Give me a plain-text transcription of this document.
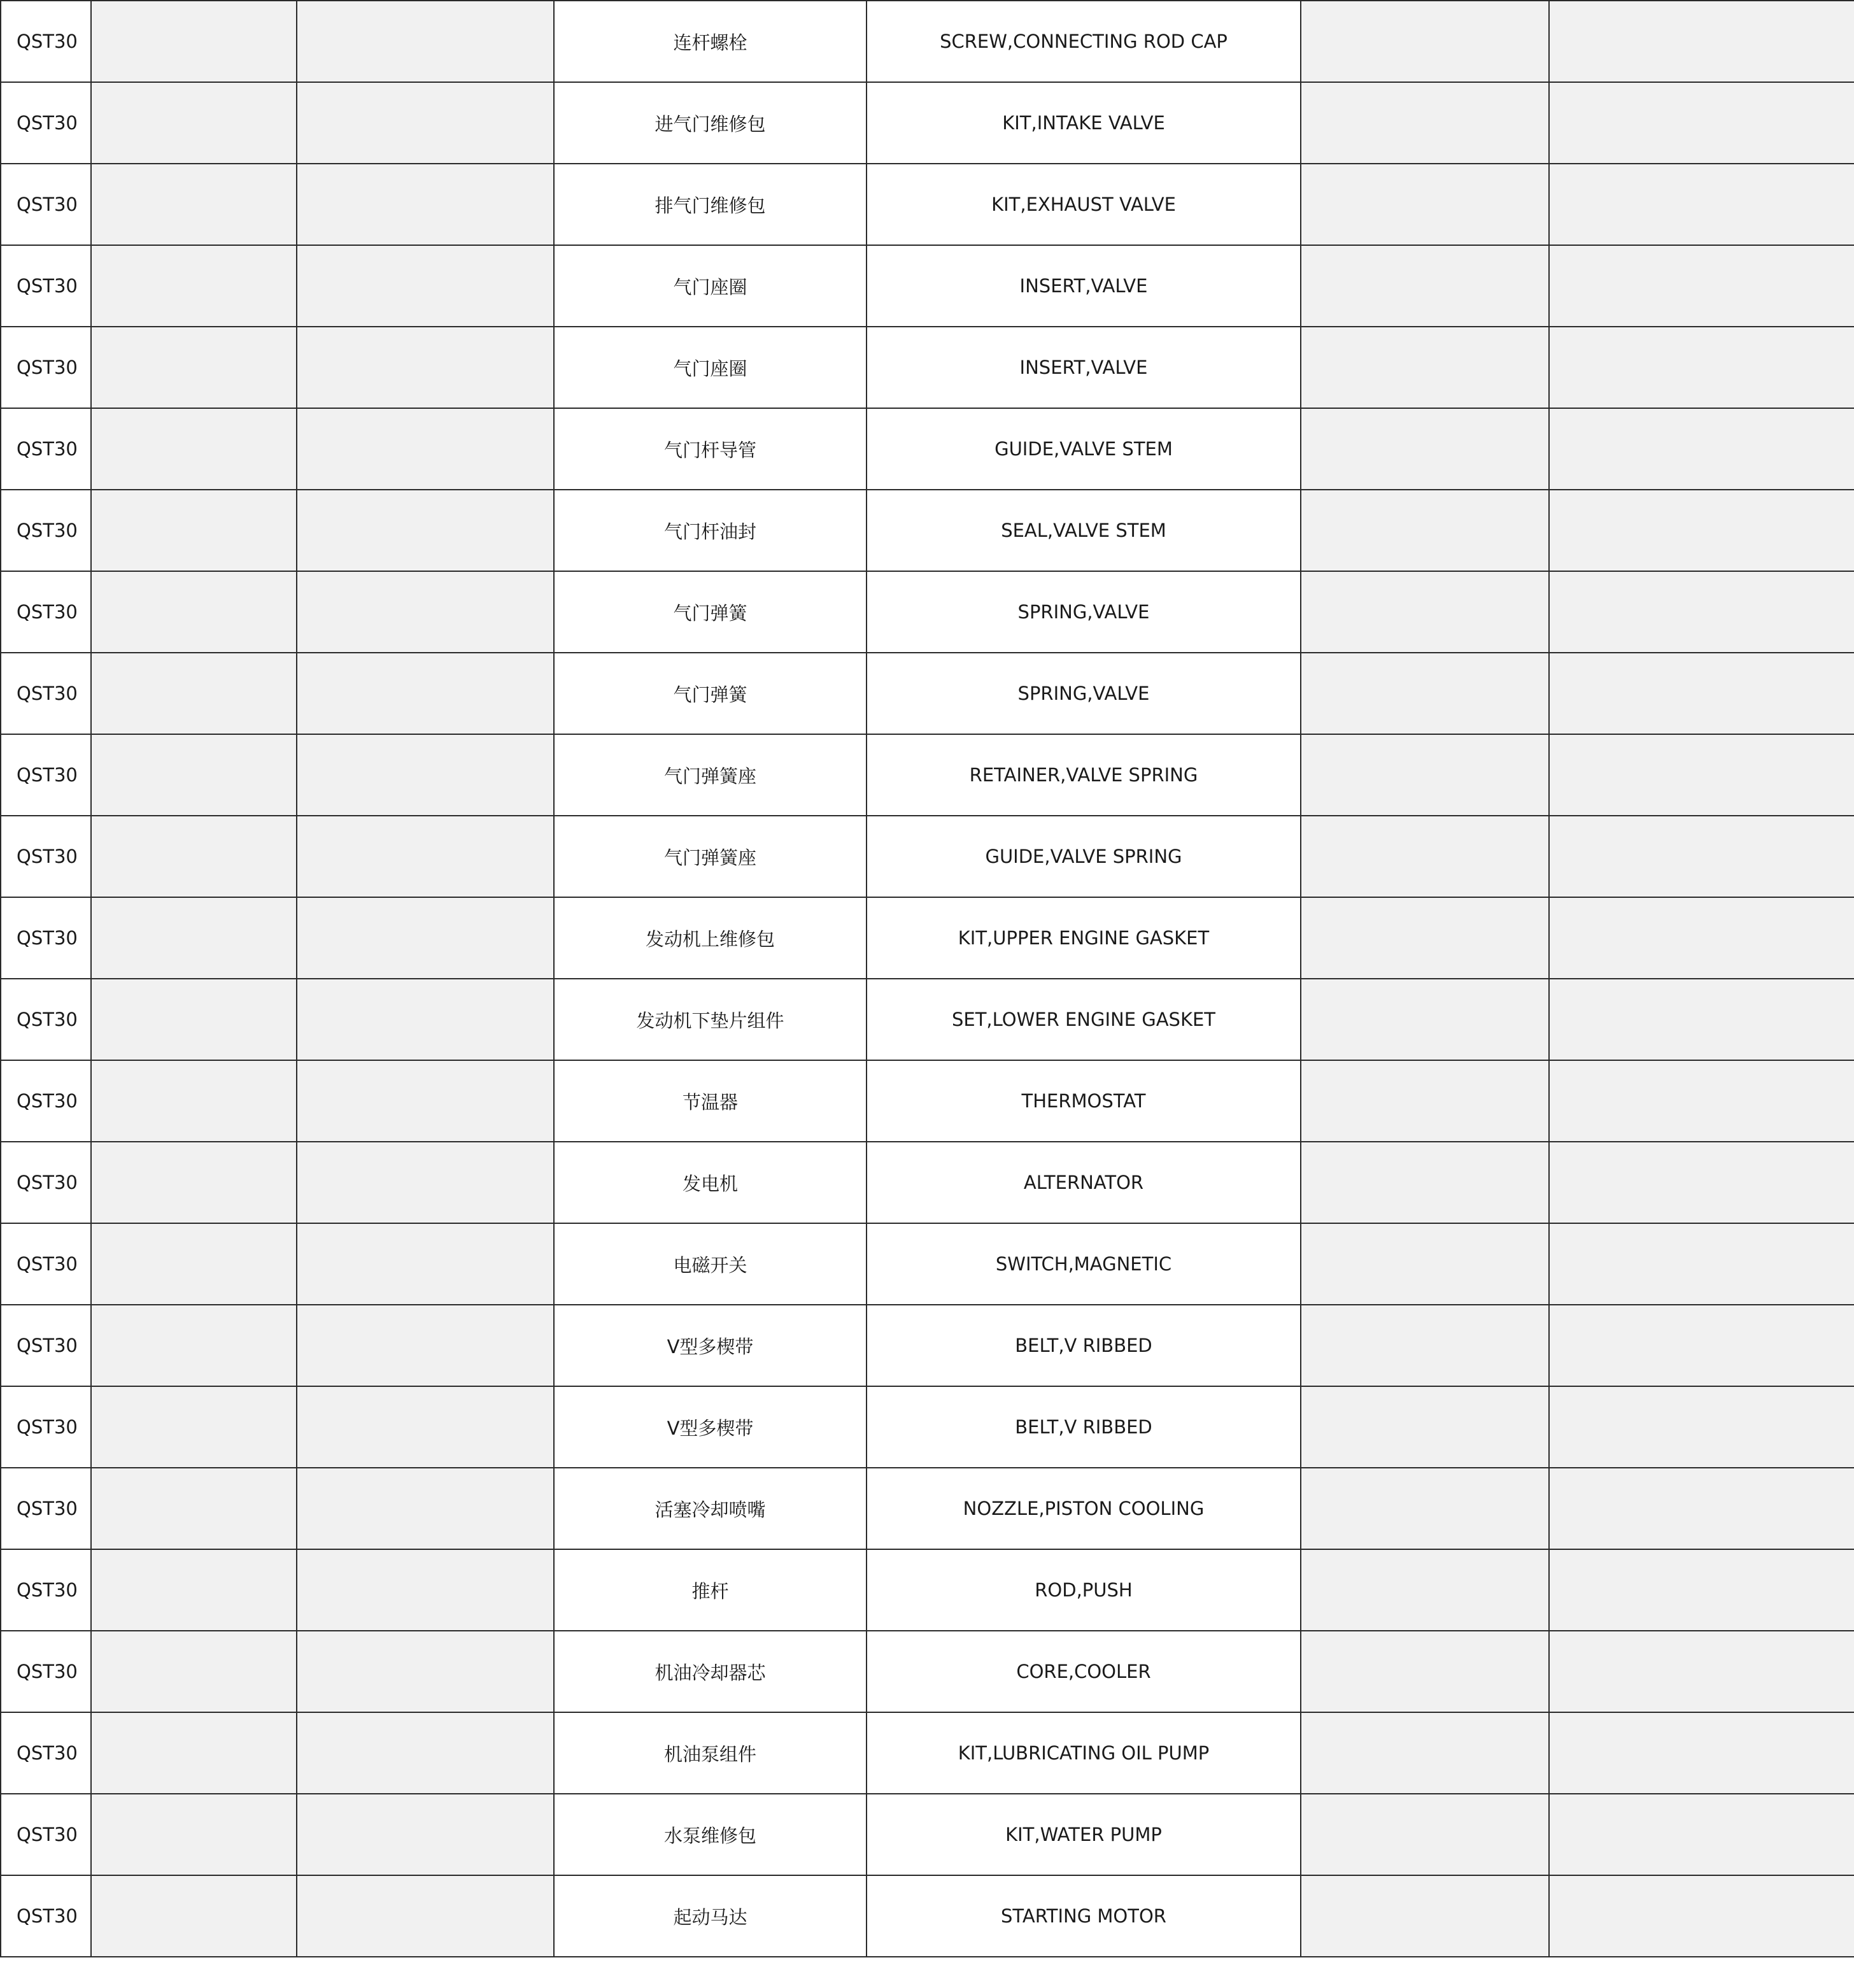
QST30			连杆螺栓	SCREW,CONNECTING ROD CAP		
QST30			进气门维修包	KIT,INTAKE VALVE		
QST30			排气门维修包	KIT,EXHAUST VALVE		
QST30			气门座圈	INSERT,VALVE		
QST30			气门座圈	INSERT,VALVE		
QST30			气门杆导管	GUIDE,VALVE STEM		
QST30			气门杆油封	SEAL,VALVE STEM		
QST30			气门弹簧	SPRING,VALVE		
QST30			气门弹簧	SPRING,VALVE		
QST30			气门弹簧座	RETAINER,VALVE SPRING		
QST30			气门弹簧座	GUIDE,VALVE SPRING		
QST30			发动机上维修包	KIT,UPPER ENGINE GASKET		
QST30			发动机下垫片组件	SET,LOWER ENGINE GASKET		
QST30			节温器	THERMOSTAT		
QST30			发电机	ALTERNATOR		
QST30			电磁开关	SWITCH,MAGNETIC		
QST30			V型多楔带	BELT,V RIBBED		
QST30			V型多楔带	BELT,V RIBBED		
QST30			活塞冷却喷嘴	NOZZLE,PISTON COOLING		
QST30			推杆	ROD,PUSH		
QST30			机油冷却器芯	CORE,COOLER		
QST30			机油泵组件	KIT,LUBRICATING OIL PUMP		
QST30			水泵维修包	KIT,WATER PUMP		
QST30			起动马达	STARTING MOTOR		
